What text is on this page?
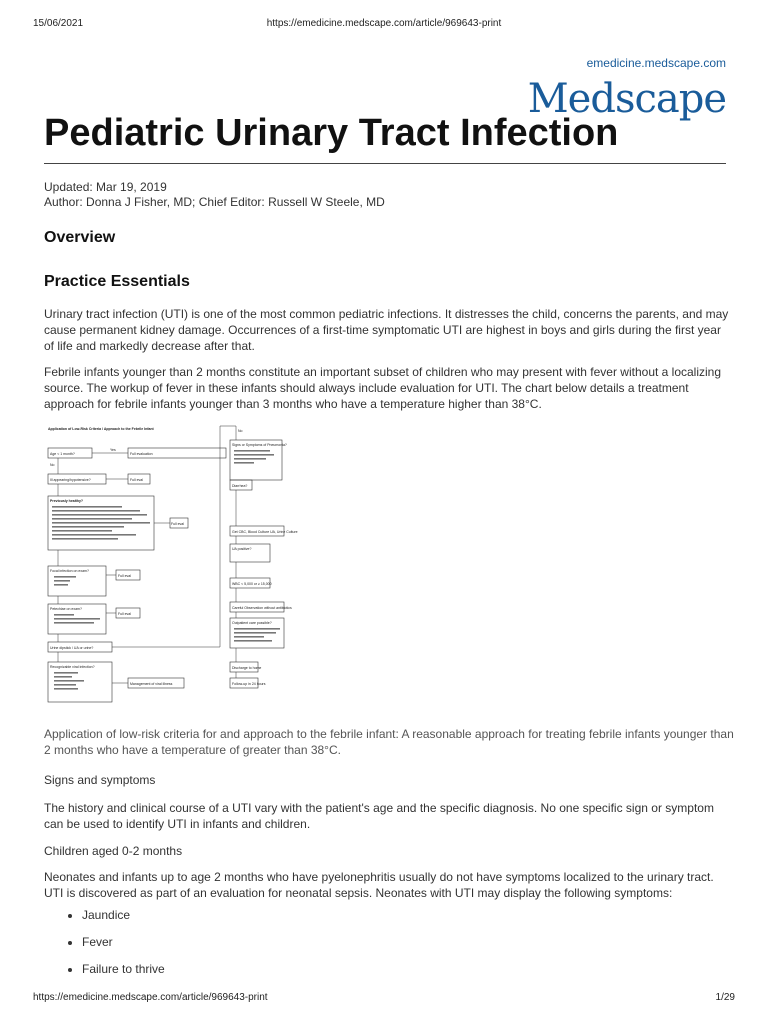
15/06/2021	https://emedicine.medscape.com/article/969643-print
emedicine.medscape.com
Medscape
Pediatric Urinary Tract Infection
Updated: Mar 19, 2019
Author: Donna J Fisher, MD; Chief Editor: Russell W Steele, MD
Overview
Practice Essentials

Urinary tract infection (UTI) is one of the most common pediatric infections. It distresses the child, concerns the parents, and may cause permanent kidney damage. Occurrences of a first-time symptomatic UTI are highest in boys and girls during the first year of life and markedly decrease after that.

Febrile infants younger than 2 months constitute an important subset of children who may present with fever without a localizing source. The workup of fever in these infants should always include evaluation for UTI. The chart below details a treatment approach for febrile infants younger than 3 months who have a temperature higher than 38°C.

Application of Low-Risk Criteria / Approach to the Febrile Infant
Age < 1 month?	Full evaluation
Ill appearing/hypotensive?	Full eval
Previously healthy?
Full eval
Focal infection on exam?
Full eval
Petechiae on exam?
Full eval
Urine dipstick / UA or urine?
Recognizable viral infection?
Management of viral illness
No
Yes
Signs or Symptoms of Pneumonia?
Diarrhea?
Get CBC, Blood Culture UA, Urine Culture
UA positive?
WBC < 5,000 or ≥ 15,000
Careful Observation without antibiotics
Outpatient care possible?
Discharge to home
Follow-up in 24 hours
No

Application of low-risk criteria for and approach to the febrile infant: A reasonable approach for treating febrile infants younger than 2 months who have a temperature of greater than 38°C.

Signs and symptoms

The history and clinical course of a UTI vary with the patient's age and the specific diagnosis. No one specific sign or symptom can be used to identify UTI in infants and children.

Children aged 0-2 months

Neonates and infants up to age 2 months who have pyelonephritis usually do not have symptoms localized to the urinary tract. UTI is discovered as part of an evaluation for neonatal sepsis. Neonates with UTI may display the following symptoms:

• Jaundice
• Fever
• Failure to thrive
https://emedicine.medscape.com/article/969643-print	1/29
